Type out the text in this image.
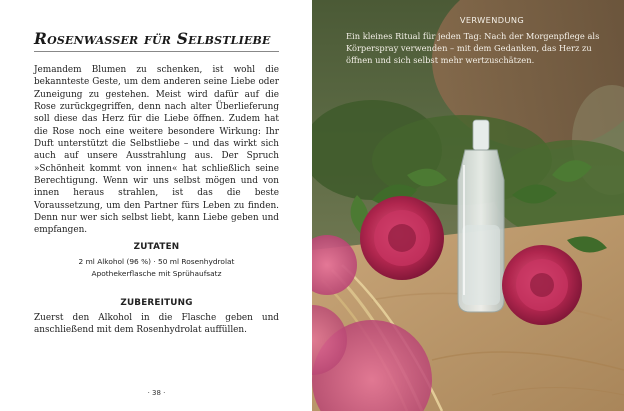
Rosenwasser für Selbstliebe
Jemandem Blumen zu schenken, ist wohl die bekannteste Geste, um dem anderen seine Liebe oder Zuneigung zu gestehen. Meist wird dafür auf die Rose zurückgegriffen, denn nach alter Überlieferung soll diese das Herz für die Liebe öffnen. Zudem hat die Rose noch eine weitere besondere Wirkung: Ihr Duft unterstützt die Selbstliebe – und das wirkt sich auch auf unsere Ausstrahlung aus. Der Spruch »Schönheit kommt von innen« hat schließlich seine Berechtigung. Wenn wir uns selbst mögen und von innen heraus strahlen, ist das die beste Voraussetzung, um den Partner fürs Leben zu finden. Denn nur wer sich selbst liebt, kann Liebe geben und empfangen.
ZUTATEN
2 ml Alkohol (96 %) · 50 ml Rosenhydrolat
Apothekerflasche mit Sprühaufsatz
ZUBEREITUNG
Zuerst den Alkohol in die Flasche geben und anschließend mit dem Rosenhydrolat auffüllen.
· 38 ·
VERWENDUNG
Ein kleines Ritual für jeden Tag: Nach der Morgenpflege als Körperspray verwenden – mit dem Gedanken, das Herz zu öffnen und sich selbst mehr wertzuschätzen.
